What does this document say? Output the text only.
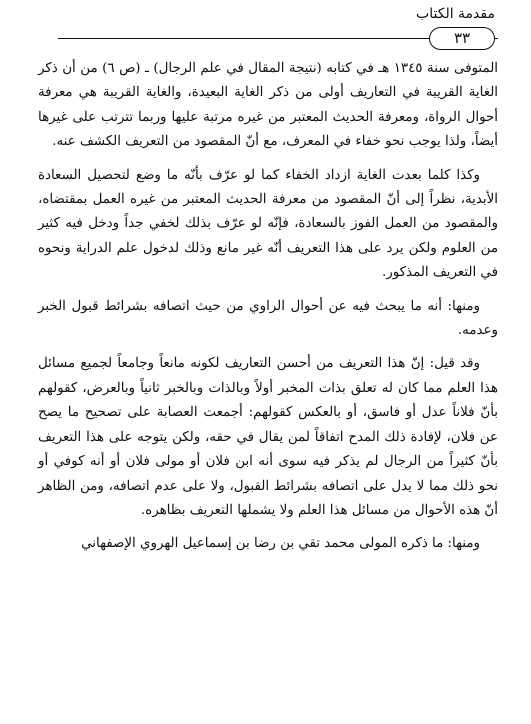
مقدمة الكتاب
٣٣

المتوفى سنة ١٣٤٥ هـ في كتابه (نتيجة المقال في علم الرجال) ـ (ص ٦) من أن ذكر الغاية القريبة في التعاريف أولى من ذكر الغاية البعيدة، والغاية القريبة هي معرفة أحوال الرواة، ومعرفة الحديث المعتبر من غيره مرتبة عليها وربما تترتب على غيرها أيضاً، ولذا يوجب نحو خفاء في المعرف، مع أنّ المقصود من التعريف الكشف عنه.

وكذا كلما بعدت الغاية ازداد الخفاء كما لو عرّف بأنّه ما وضع لتحصيل السعادة الأبدية، نظراً إلى أنّ المقصود من معرفة الحديث المعتبر من غيره العمل بمقتضاه، والمقصود من العمل الفوز بالسعادة، فإنّه لو عرّف بذلك لخفي جداً ودخل فيه كثير من العلوم ولكن يرد على هذا التعريف أنّه غير مانع وذلك لدخول علم الدراية ونحوه في التعريف المذكور.

ومنها: أنه ما يبحث فيه عن أحوال الراوي من حيث اتصافه بشرائط قبول الخبر وعدمه.

وقد قيل: إنّ هذا التعريف من أحسن التعاريف لكونه مانعاً وجامعاً لجميع مسائل هذا العلم مما كان له تعلق بذات المخبر أولاً وبالذات وبالخبر ثانياً وبالعرض، كقولهم بأنّ فلاناً عدل أو فاسق، أو بالعكس كقولهم: أجمعت العصابة على تصحيح ما يصح عن فلان، لإفادة ذلك المدح اتفاقاً لمن يقال في حقه، ولكن يتوجه على هذا التعريف بأنّ كثيراً من الرجال لم يذكر فيه سوى أنه ابن فلان أو مولى فلان أو أنه كوفي أو نحو ذلك مما لا يدل على اتصافه بشرائط القبول، ولا على عدم اتصافه، ومن الظاهر أنّ هذه الأحوال من مسائل هذا العلم ولا يشملها التعريف بظاهره.

ومنها: ما ذكره المولى محمد تقي بن رضا بن إسماعيل الهروي الإصفهاني
